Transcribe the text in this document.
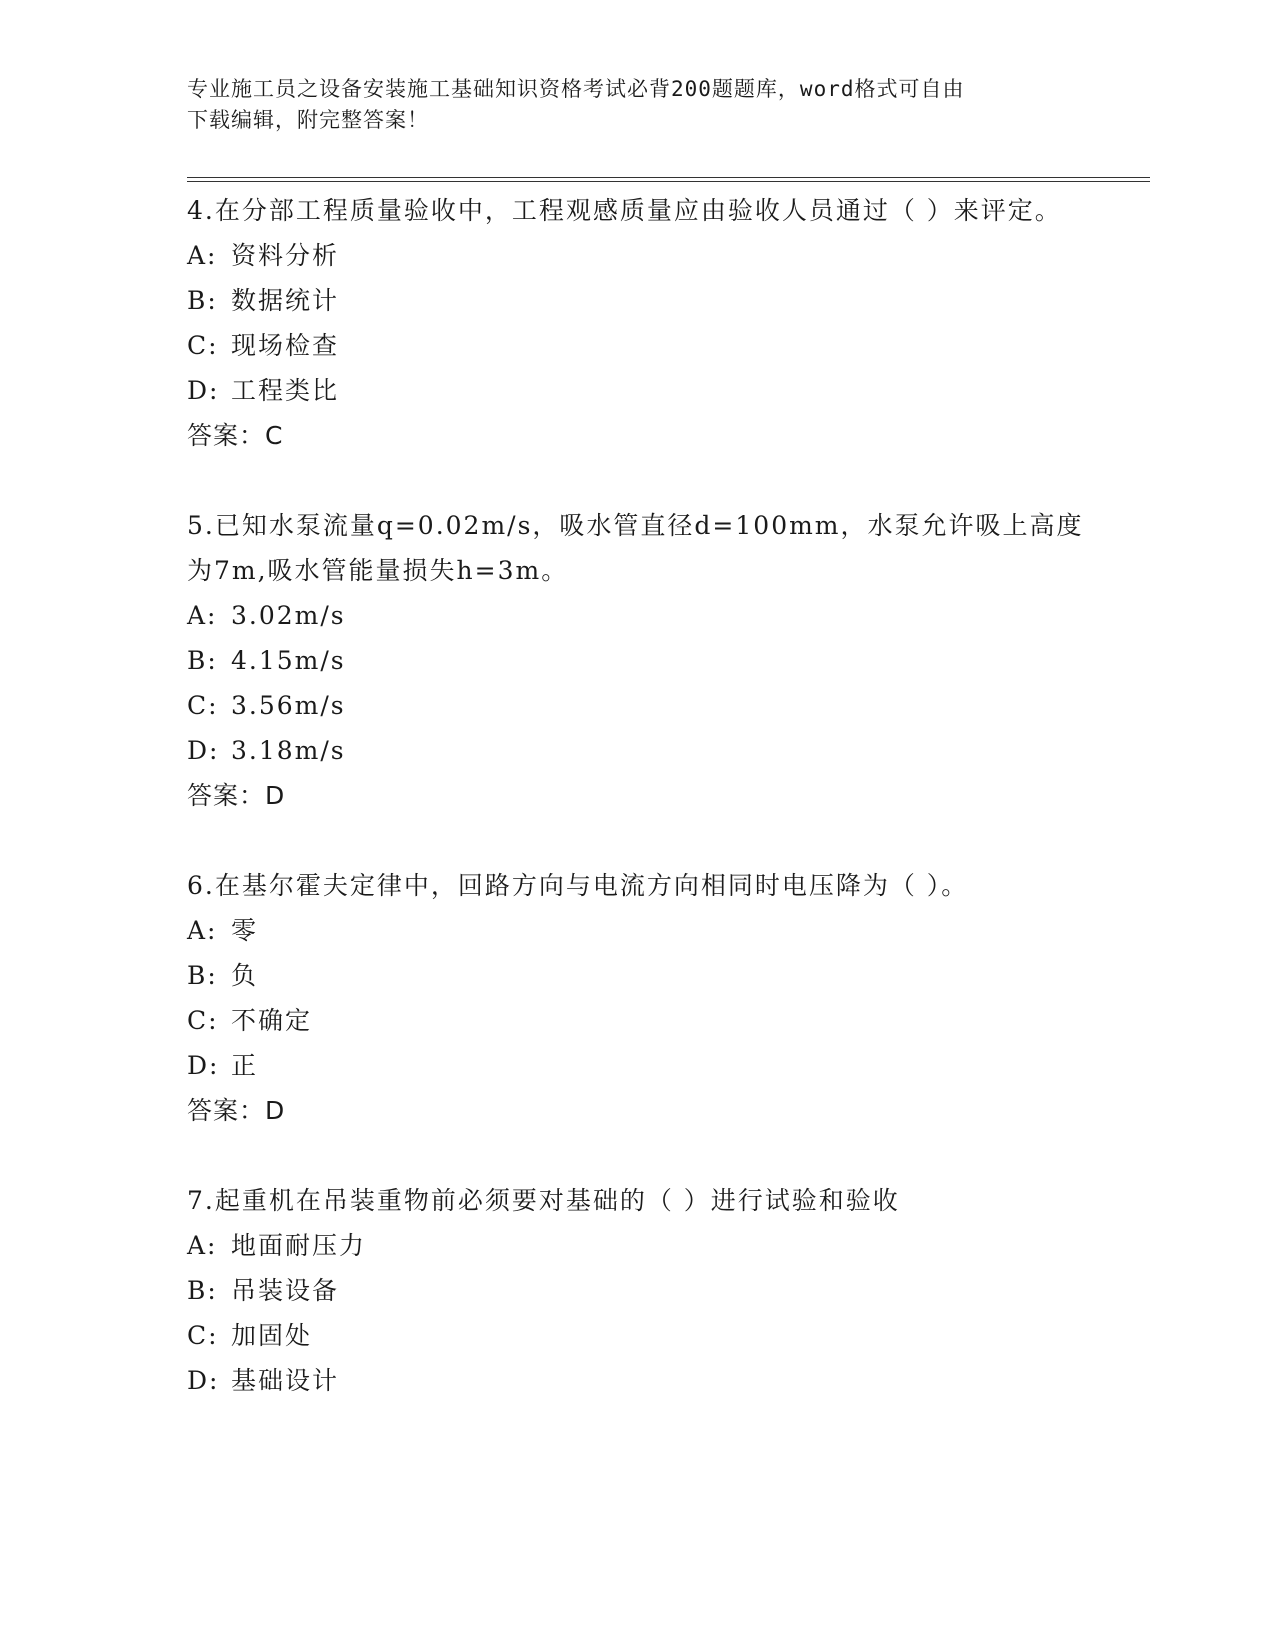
专业施工员之设备安装施工基础知识资格考试必背200题题库，word格式可自由
下载编辑，附完整答案！

4.在分部工程质量验收中，工程观感质量应由验收人员通过（ ）来评定。

A: 资料分析

B: 数据统计

C: 现场检查

D: 工程类比

答案：C

5.已知水泵流量q=0.02m/s，吸水管直径d=100mm，水泵允许吸上高度为7m,吸水管能量损失h=3m。

A: 3.02m/s

B: 4.15m/s

C: 3.56m/s

D: 3.18m/s

答案：D

6.在基尔霍夫定律中，回路方向与电流方向相同时电压降为（ ）。

A: 零

B: 负

C: 不确定

D: 正

答案：D

7.起重机在吊装重物前必须要对基础的（ ）进行试验和验收

A: 地面耐压力

B: 吊装设备

C: 加固处

D: 基础设计
